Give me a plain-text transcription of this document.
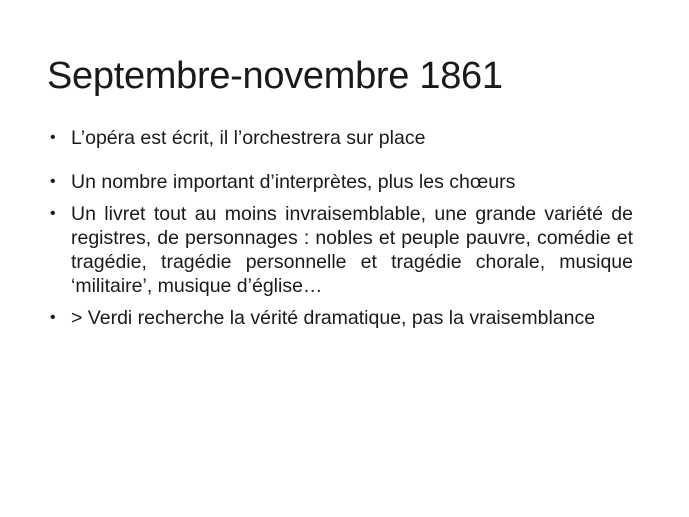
Septembre-novembre 1861
• L’opéra est écrit, il l’orchestrera sur place
• Un nombre important d’interprètes, plus les chœurs
• Un livret tout au moins invraisemblable, une grande variété de registres, de personnages : nobles et peuple pauvre, comédie et tragédie, tragédie personnelle et tragédie chorale, musique ‘militaire’, musique d’église…
• > Verdi recherche la vérité dramatique, pas la vraisemblance
